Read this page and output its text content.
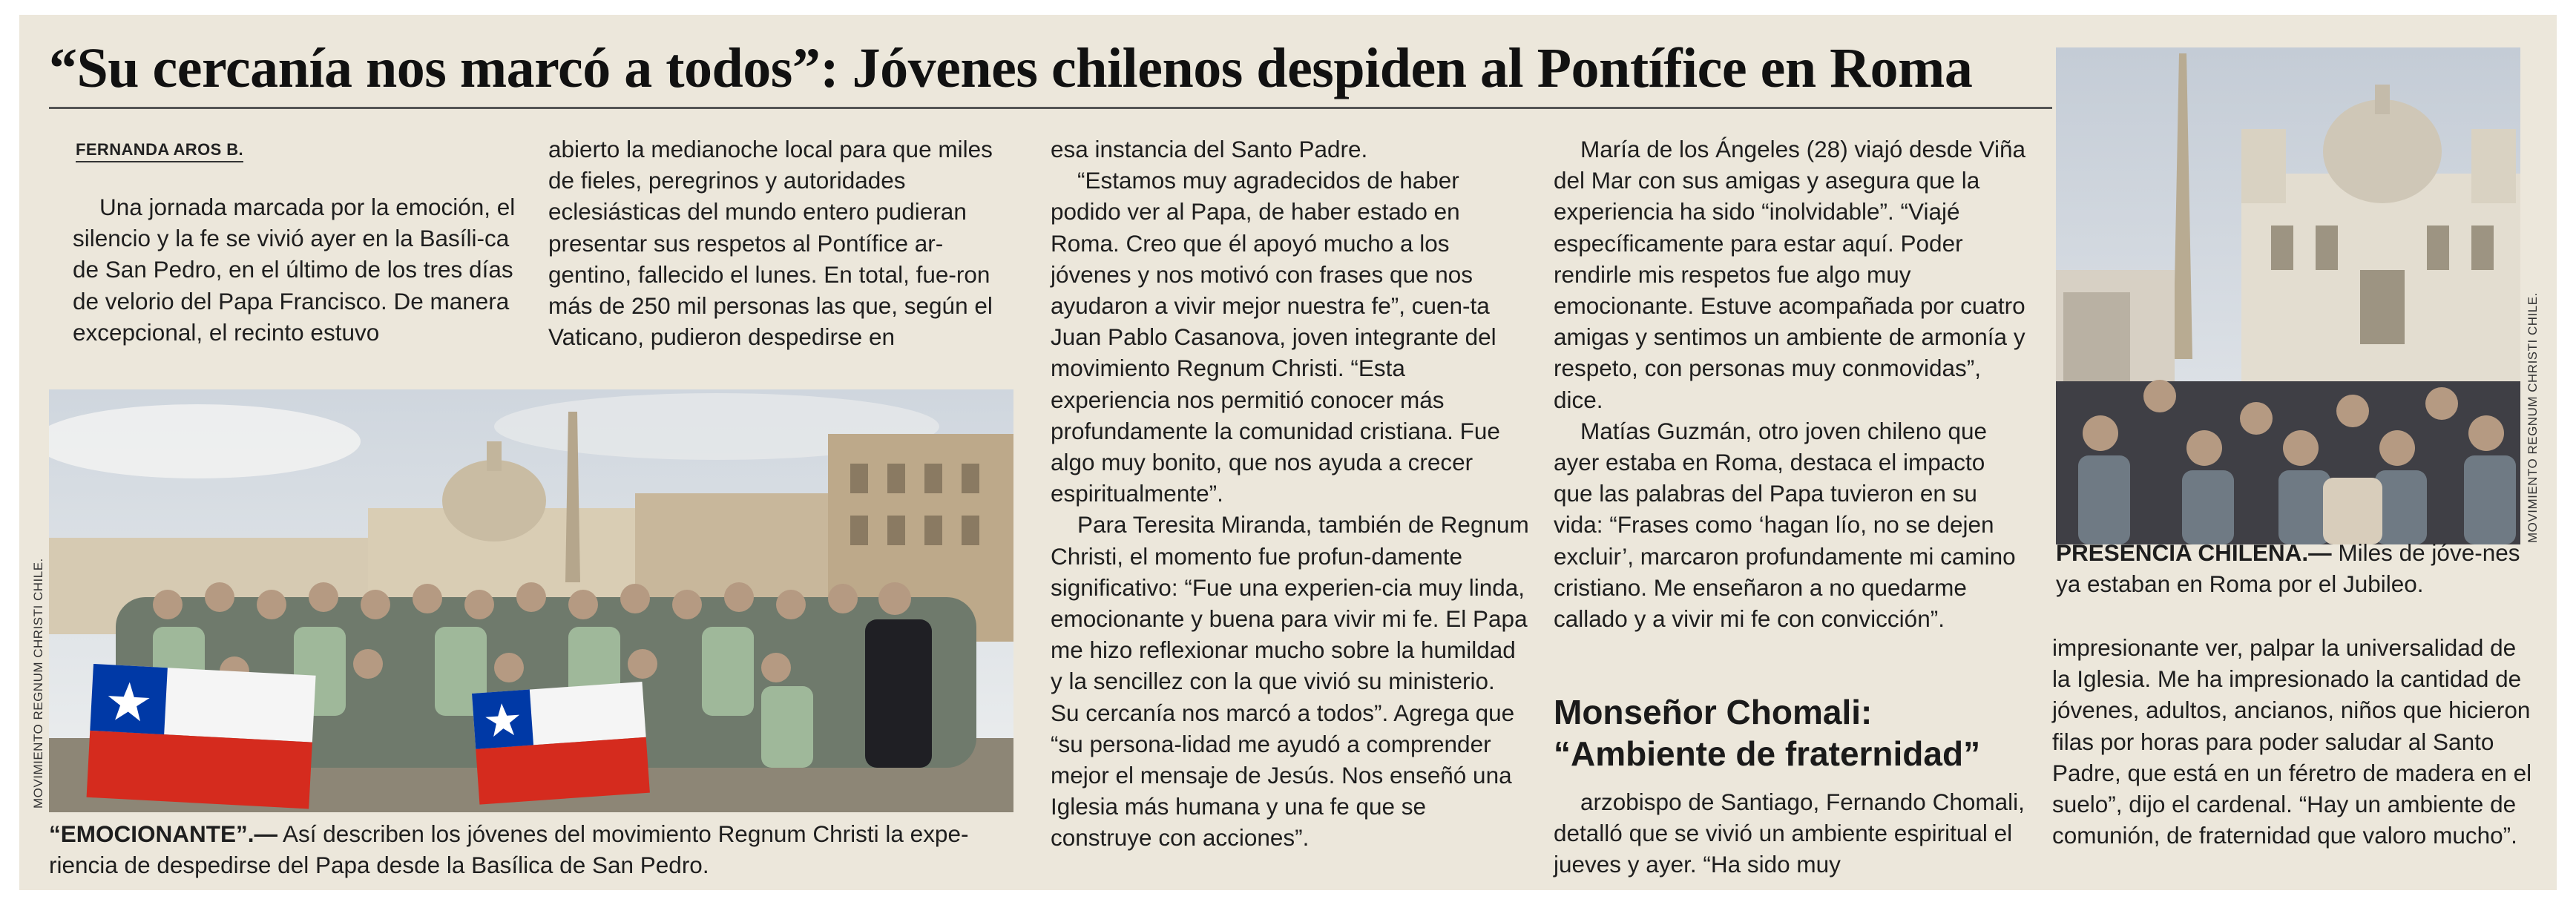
“Su cercanía nos marcó a todos”: Jóvenes chilenos despiden al Pontífice en Roma
FERNANDA AROS B.

Una jornada marcada por la emoción, el silencio y la fe se vivió ayer en la Basíli-ca de San Pedro, en el último de los tres días de velorio del Papa Francisco. De manera excepcional, el recinto estuvo

abierto la medianoche local para que miles de fieles, peregrinos y autoridades eclesiásticas del mundo entero pudieran presentar sus respetos al Pontífice ar-gentino, fallecido el lunes. En total, fue-ron más de 250 mil personas las que, según el Vaticano, pudieron despedirse en

esa instancia del Santo Padre.

“Estamos muy agradecidos de haber podido ver al Papa, de haber estado en Roma. Creo que él apoyó mucho a los jóvenes y nos motivó con frases que nos ayudaron a vivir mejor nuestra fe”, cuen-ta Juan Pablo Casanova, joven integrante del movimiento Regnum Christi. “Esta experiencia nos permitió conocer más profundamente la comunidad cristiana. Fue algo muy bonito, que nos ayuda a crecer espiritualmente”.

Para Teresita Miranda, también de Regnum Christi, el momento fue profun-damente significativo: “Fue una experien-cia muy linda, emocionante y buena para vivir mi fe. El Papa me hizo reflexionar mucho sobre la humildad y la sencillez con la que vivió su ministerio. Su cercanía nos marcó a todos”. Agrega que “su persona-lidad me ayudó a comprender mejor el mensaje de Jesús. Nos enseñó una Iglesia más humana y una fe que se construye con acciones”.

María de los Ángeles (28) viajó desde Viña del Mar con sus amigas y asegura que la experiencia ha sido “inolvidable”. “Viajé específicamente para estar aquí. Poder rendirle mis respetos fue algo muy emocionante. Estuve acompañada por cuatro amigas y sentimos un ambiente de armonía y respeto, con personas muy conmovidas”, dice.

Matías Guzmán, otro joven chileno que ayer estaba en Roma, destaca el impacto que las palabras del Papa tuvieron en su vida: “Frases como ‘hagan lío, no se dejen excluir’, marcaron profundamente mi camino cristiano. Me enseñaron a no quedarme callado y a vivir mi fe con convicción”.

Monseñor Chomali: “Ambiente de fraternidad”

arzobispo de Santiago, Fernando Chomali, detalló que se vivió un ambiente espiritual el jueves y ayer. “Ha sido muy

impresionante ver, palpar la universalidad de la Iglesia. Me ha impresionado la cantidad de jóvenes, adultos, ancianos, niños que hicieron filas por horas para poder saludar al Santo Padre, que está en un féretro de madera en el suelo”, dijo el cardenal. “Hay un ambiente de comunión, de fraternidad que valoro mucho”.

MOVIMIENTO REGNUM CHRISTI CHILE.
“EMOCIONANTE”.— Así describen los jóvenes del movimiento Regnum Christi la expe-riencia de despedirse del Papa desde la Basílica de San Pedro.
MOVIMIENTO REGNUM CHRISTI CHILE.
PRESENCIA CHILENA.— Miles de jóve-nes ya estaban en Roma por el Jubileo.
